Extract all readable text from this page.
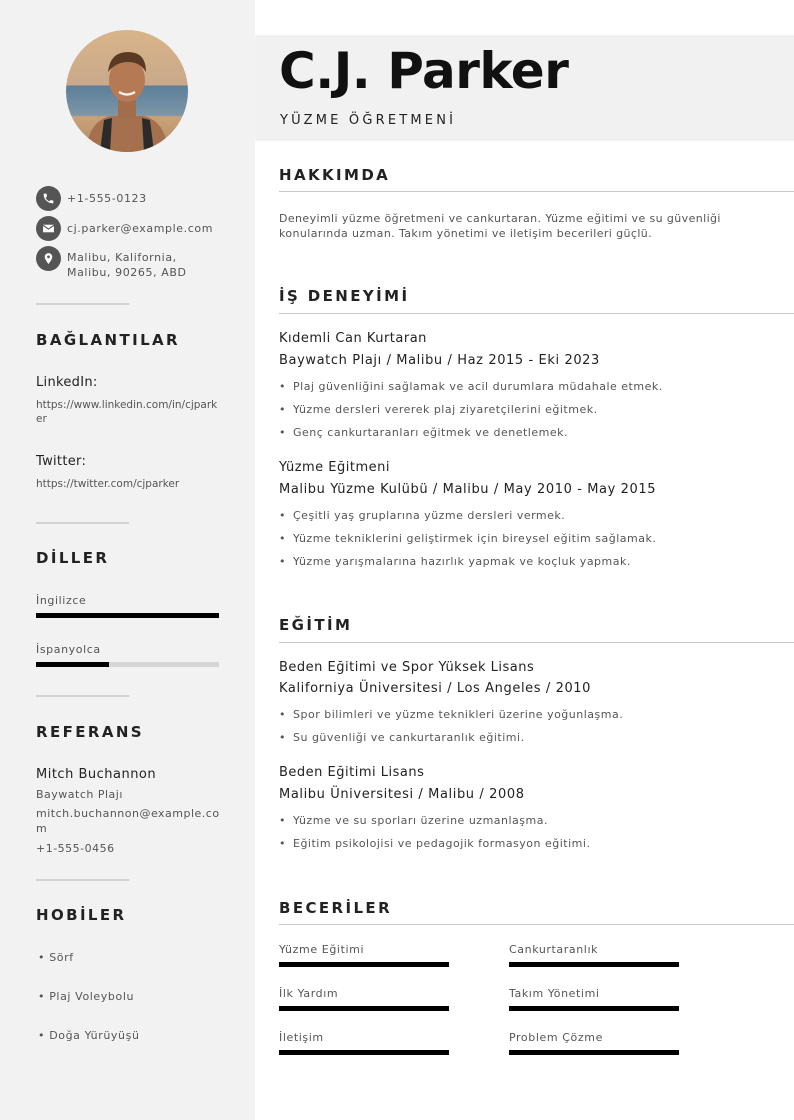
+1-555-0123
cj.parker@example.com
Malibu, Kalifornia,
Malibu, 90265, ABD
BAĞLANTILAR
LinkedIn:
https://www.linkedin.com/in/cjparker
Twitter:
https://twitter.com/cjparker
DİLLER
İngilizce
İspanyolca
REFERANS
Mitch Buchannon
Baywatch Plajı
mitch.buchannon@example.com
+1-555-0456
HOBİLER
• Sörf
• Plaj Voleybolu
• Doğa Yürüyüşü
C.J. Parker
YÜZME ÖĞRETMENİ
HAKKIMDA
Deneyimli yüzme öğretmeni ve cankurtaran. Yüzme eğitimi ve su güvenliği konularında uzman. Takım yönetimi ve iletişim becerileri güçlü.
İŞ DENEYİMİ
Kıdemli Can Kurtaran
Baywatch Plajı / Malibu / Haz 2015 - Eki 2023
• Plaj güvenliğini sağlamak ve acil durumlara müdahale etmek.
• Yüzme dersleri vererek plaj ziyaretçilerini eğitmek.
• Genç cankurtaranları eğitmek ve denetlemek.
Yüzme Eğitmeni
Malibu Yüzme Kulübü / Malibu / May 2010 - May 2015
• Çeşitli yaş gruplarına yüzme dersleri vermek.
• Yüzme tekniklerini geliştirmek için bireysel eğitim sağlamak.
• Yüzme yarışmalarına hazırlık yapmak ve koçluk yapmak.
EĞİTİM
Beden Eğitimi ve Spor Yüksek Lisans
Kaliforniya Üniversitesi / Los Angeles / 2010
• Spor bilimleri ve yüzme teknikleri üzerine yoğunlaşma.
• Su güvenliği ve cankurtaranlık eğitimi.
Beden Eğitimi Lisans
Malibu Üniversitesi / Malibu / 2008
• Yüzme ve su sporları üzerine uzmanlaşma.
• Eğitim psikolojisi ve pedagojik formasyon eğitimi.
BECERİLER
Yüzme Eğitimi	Cankurtaranlık
İlk Yardım	Takım Yönetimi
İletişim	Problem Çözme
